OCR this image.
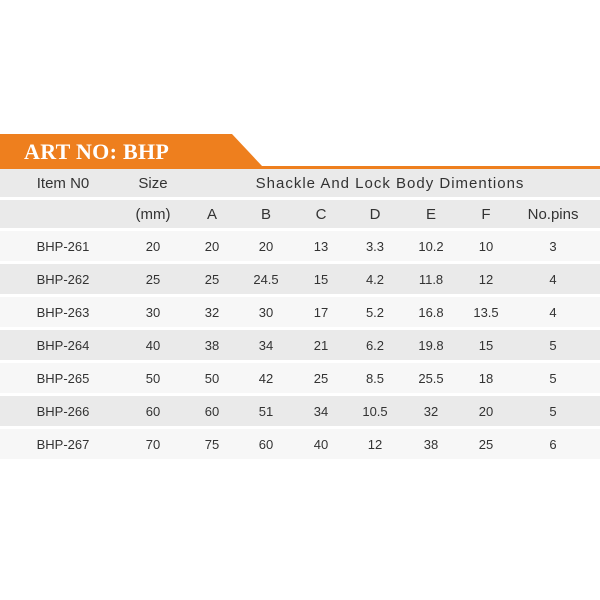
ART NO: BHP
Item N0	Size	Shackle And Lock Body Dimentions						
	(mm)	A	B	C	D	E	F	No.pins
BHP-261	20	20	20	13	3.3	10.2	10	3
BHP-262	25	25	24.5	15	4.2	11.8	12	4
BHP-263	30	32	30	17	5.2	16.8	13.5	4
BHP-264	40	38	34	21	6.2	19.8	15	5
BHP-265	50	50	42	25	8.5	25.5	18	5
BHP-266	60	60	51	34	10.5	32	20	5
BHP-267	70	75	60	40	12	38	25	6
